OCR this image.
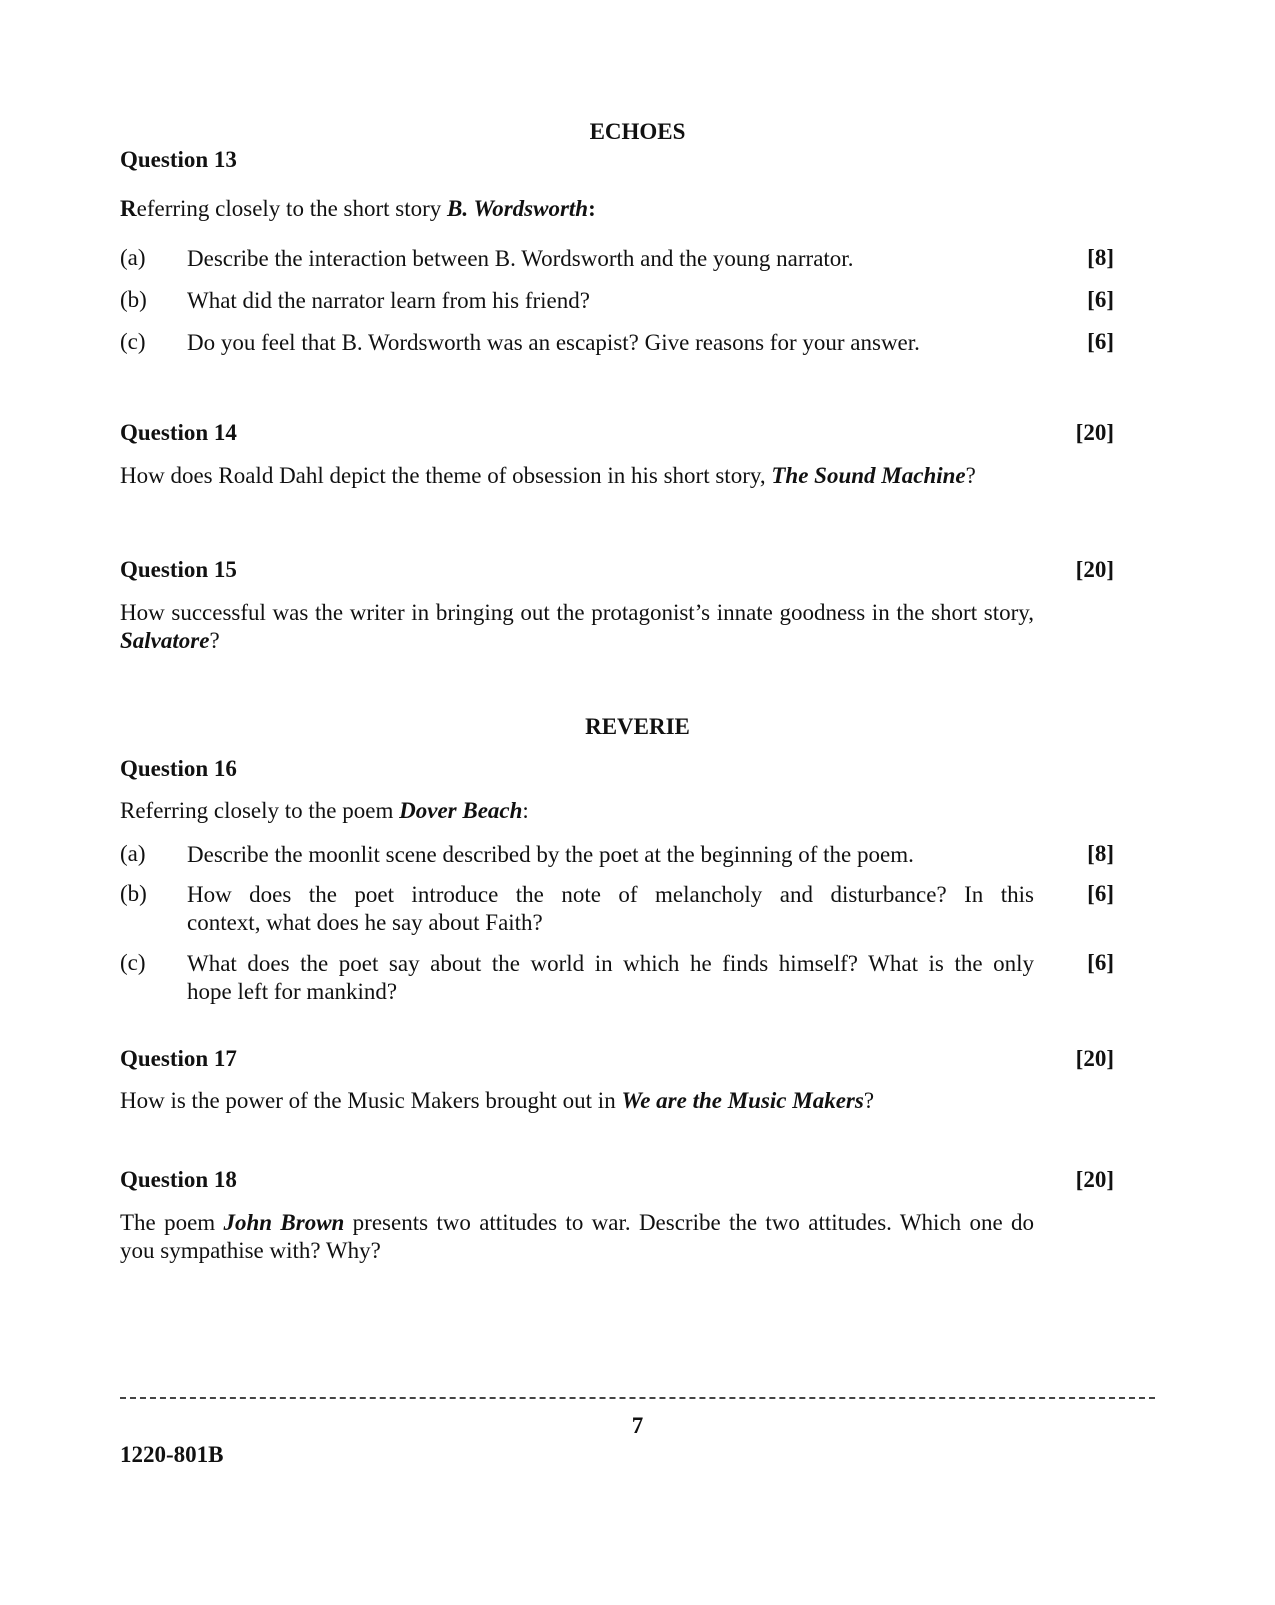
ECHOES
Question 13
Referring closely to the short story B. Wordsworth:
(a) Describe the interaction between B. Wordsworth and the young narrator.	[8]
(b) What did the narrator learn from his friend?	[6]
(c) Do you feel that B. Wordsworth was an escapist? Give reasons for your answer.	[6]
Question 14	[20]
How does Roald Dahl depict the theme of obsession in his short story, The Sound Machine?
Question 15	[20]
How successful was the writer in bringing out the protagonist’s innate goodness in the short story, Salvatore?
REVERIE
Question 16
Referring closely to the poem Dover Beach:
(a) Describe the moonlit scene described by the poet at the beginning of the poem.	[8]
(b) How does the poet introduce the note of melancholy and disturbance? In this
context, what does he say about Faith?
[6]
(c) What does the poet say about the world in which he finds himself? What is the only
hope left for mankind?
[6]
Question 17	[20]
How is the power of the Music Makers brought out in We are the Music Makers?
Question 18	[20]
The poem John Brown presents two attitudes to war. Describe the two attitudes. Which one do you sympathise with? Why?
7
1220-801B
